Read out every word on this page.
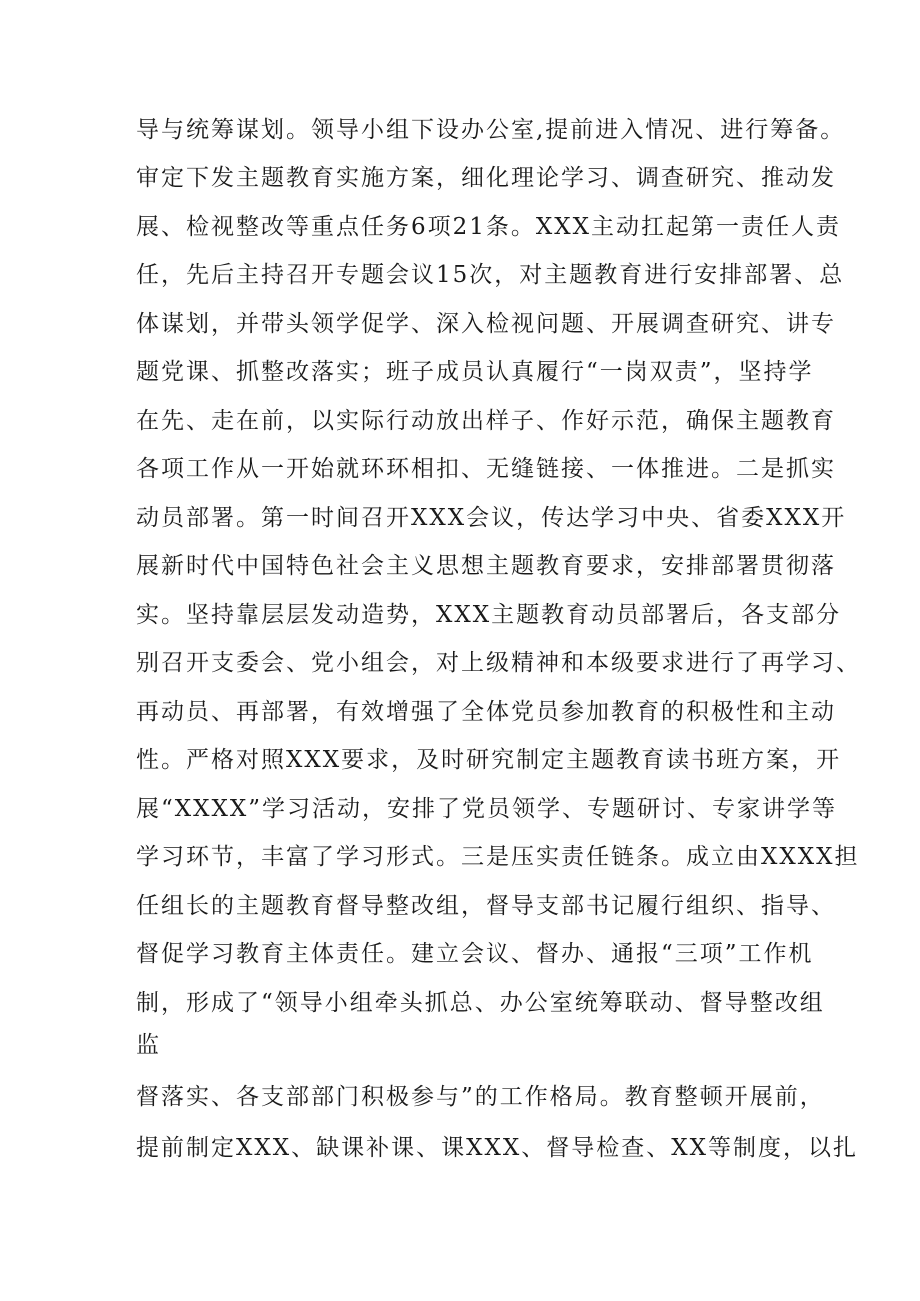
导与统筹谋划。领导小组下设办公室,提前进入情况、进行筹备。
审定下发主题教育实施方案，细化理论学习、调查研究、推动发
展、检视整改等重点任务6项21条。XXX主动扛起第一责任人责
任，先后主持召开专题会议15次，对主题教育进行安排部署、总
体谋划，并带头领学促学、深入检视问题、开展调查研究、讲专
题党课、抓整改落实；班子成员认真履行“一岗双责”，坚持学
在先、走在前，以实际行动放出样子、作好示范，确保主题教育
各项工作从一开始就环环相扣、无缝链接、一体推进。二是抓实
动员部署。第一时间召开XXX会议，传达学习中央、省委XXX开
展新时代中国特色社会主义思想主题教育要求，安排部署贯彻落
实。坚持靠层层发动造势，XXX主题教育动员部署后，各支部分
别召开支委会、党小组会，对上级精神和本级要求进行了再学习、
再动员、再部署，有效增强了全体党员参加教育的积极性和主动
性。严格对照XXX要求，及时研究制定主题教育读书班方案，开
展“XXXX”学习活动，安排了党员领学、专题研讨、专家讲学等
学习环节，丰富了学习形式。三是压实责任链条。成立由XXXX担
任组长的主题教育督导整改组，督导支部书记履行组织、指导、
督促学习教育主体责任。建立会议、督办、通报“三项”工作机
制，形成了“领导小组牵头抓总、办公室统筹联动、督导整改组
监
督落实、各支部部门积极参与”的工作格局。教育整顿开展前，
提前制定XXX、缺课补课、课XXX、督导检查、XX等制度，以扎
